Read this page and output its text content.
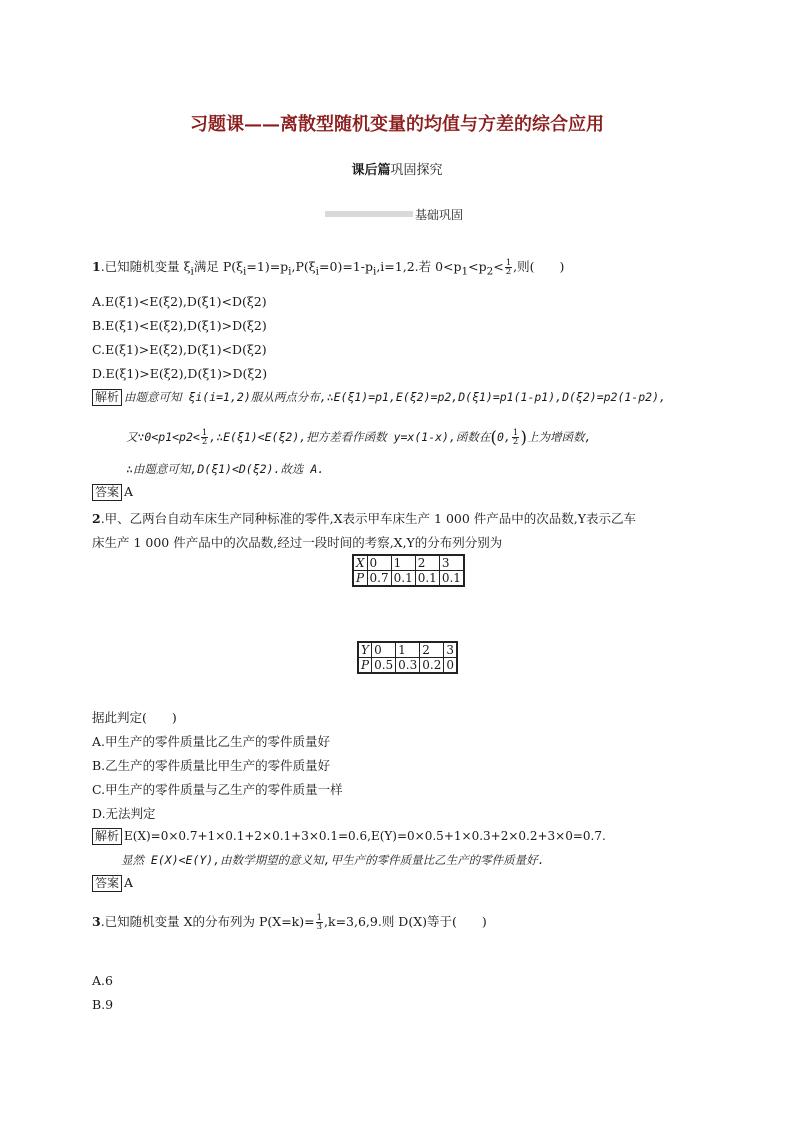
习题课——离散型随机变量的均值与方差的综合应用
课后篇巩固探究
基础巩固
1.已知随机变量 $\xi_i$满足 $P(\xi_i=1)=p_i,P(\xi_i=0)=1-p_i,i=1,2$.若 $0<p_1<p_2< \frac{1}{2}$ ,则(　　)
A.E(ξ1)<E(ξ2),D(ξ1)<D(ξ2)
B.E(ξ1)<E(ξ2),D(ξ1)>D(ξ2)
C.E(ξ1)>E(ξ2),D(ξ1)<D(ξ2)
D.E(ξ1)>E(ξ2),D(ξ1)>D(ξ2)
解析 由题意可知 ξi(i=1,2)服从两点分布,∴E(ξ1)=p1,E(ξ2)=p2,D(ξ1)=p1(1-p1),D(ξ2)=p2(1-p2),
又∵0<p1<p2< $\frac{1}{2}$ ,∴E(ξ1)<E(ξ2),把方差看作函数 y=x(1-x),函数在(0, $\frac{1}{2}$ )上为增函数,
∴由题意可知,D(ξ1)<D(ξ2).故选 A.
答案 A
2.甲、乙两台自动车床生产同种标准的零件,X表示甲车床生产 1 000 件产品中的次品数,Y表示乙车
床生产 1 000 件产品中的次品数,经过一段时间的考察,X,Y的分布列分别为
X	0	1	2	3
P	0.7	0.1	0.1	0.1
Y	0	1	2	3
P	0.5	0.3	0.2	0
据此判定(　　)
A.甲生产的零件质量比乙生产的零件质量好
B.乙生产的零件质量比甲生产的零件质量好
C.甲生产的零件质量与乙生产的零件质量一样
D.无法判定
解析 E(X)=0×0.7+1×0.1+2×0.1+3×0.1=0.6,E(Y)=0×0.5+1×0.3+2×0.2+3×0=0.7.
显然 E(X)<E(Y),由数学期望的意义知,甲生产的零件质量比乙生产的零件质量好.
答案 A
3.已知随机变量 X的分布列为 $P(X=k)= \frac{1}{3} ,k=3,6,9$.则 D(X)等于(　　)
A.6
B.9
